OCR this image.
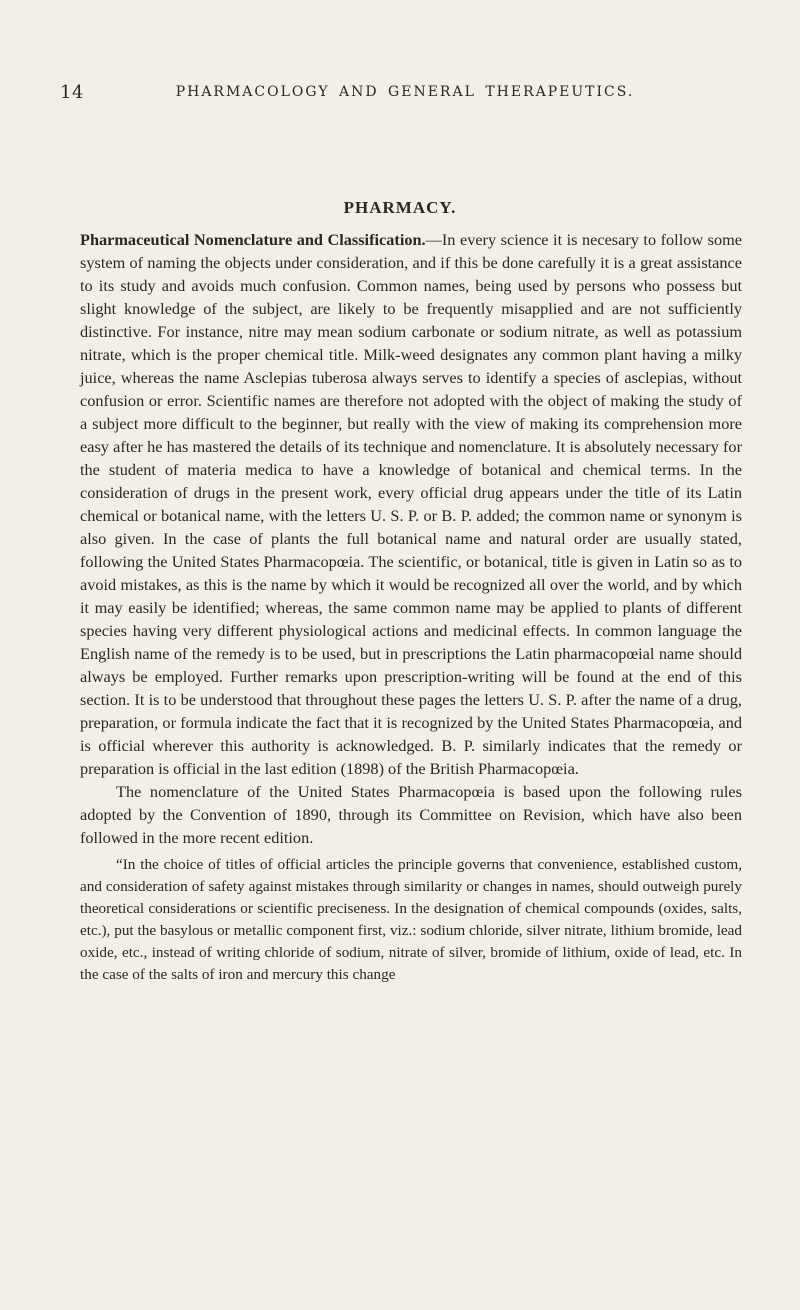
14	PHARMACOLOGY AND GENERAL THERAPEUTICS.
PHARMACY.

Pharmaceutical Nomenclature and Classification.—In every science it is necesary to follow some system of naming the objects under consideration, and if this be done carefully it is a great assistance to its study and avoids much confusion. Common names, being used by persons who possess but slight knowledge of the subject, are likely to be frequently misapplied and are not sufficiently distinctive. For instance, nitre may mean sodium carbonate or sodium nitrate, as well as potassium nitrate, which is the proper chemical title. Milk-weed designates any common plant having a milky juice, whereas the name Asclepias tuberosa always serves to identify a species of asclepias, without confusion or error. Scientific names are therefore not adopted with the object of making the study of a subject more difficult to the beginner, but really with the view of making its comprehension more easy after he has mastered the details of its technique and nomenclature. It is absolutely necessary for the student of materia medica to have a knowledge of botanical and chemical terms. In the consideration of drugs in the present work, every official drug appears under the title of its Latin chemical or botanical name, with the letters U. S. P. or B. P. added; the common name or synonym is also given. In the case of plants the full botanical name and natural order are usually stated, following the United States Pharmacopœia. The scientific, or botanical, title is given in Latin so as to avoid mistakes, as this is the name by which it would be recognized all over the world, and by which it may easily be identified; whereas, the same common name may be applied to plants of different species having very different physiological actions and medicinal effects. In common language the English name of the remedy is to be used, but in prescriptions the Latin pharmacopœial name should always be employed. Further remarks upon prescription-writing will be found at the end of this section. It is to be understood that throughout these pages the letters U. S. P. after the name of a drug, preparation, or formula indicate the fact that it is recognized by the United States Pharmacopœia, and is official wherever this authority is acknowledged. B. P. similarly indicates that the remedy or preparation is official in the last edition (1898) of the British Pharmacopœia.

The nomenclature of the United States Pharmacopœia is based upon the following rules adopted by the Convention of 1890, through its Committee on Revision, which have also been followed in the more recent edition.

“In the choice of titles of official articles the principle governs that convenience, established custom, and consideration of safety against mistakes through similarity or changes in names, should outweigh purely theoretical considerations or scientific preciseness. In the designation of chemical compounds (oxides, salts, etc.), put the basylous or metallic component first, viz.: sodium chloride, silver nitrate, lithium bromide, lead oxide, etc., instead of writing chloride of sodium, nitrate of silver, bromide of lithium, oxide of lead, etc. In the case of the salts of iron and mercury this change
